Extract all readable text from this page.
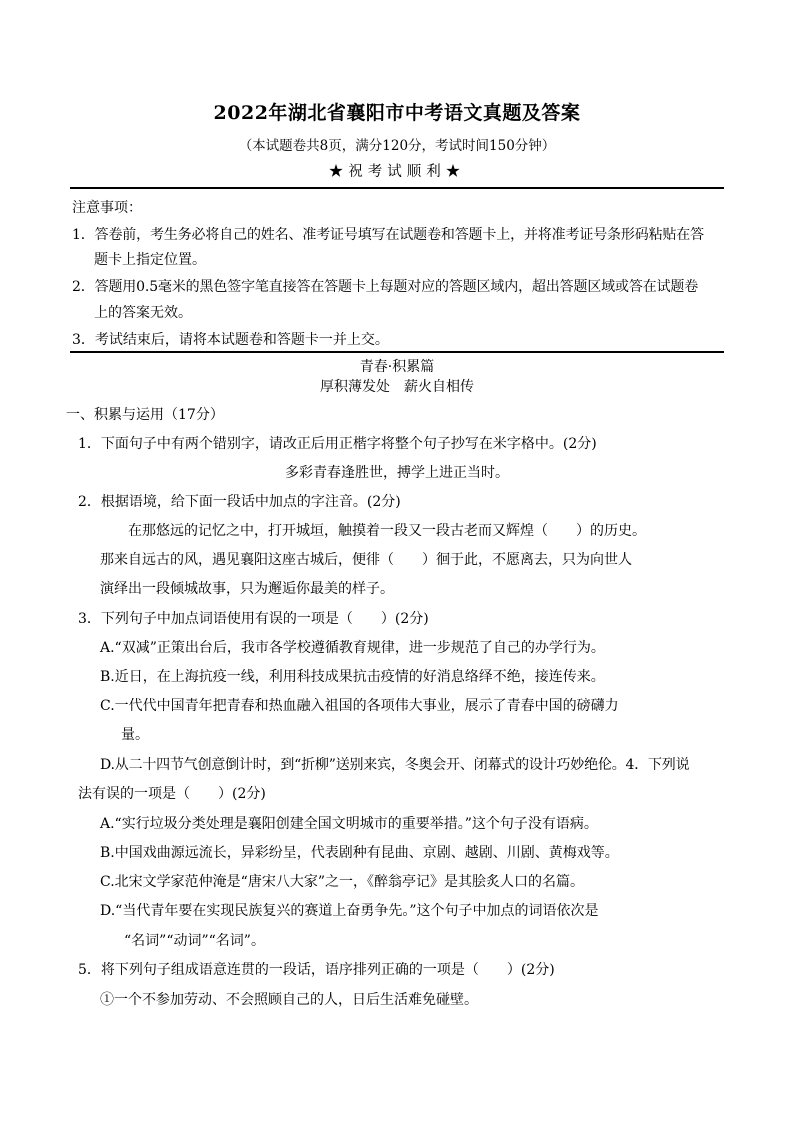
2022年湖北省襄阳市中考语文真题及答案
（本试题卷共8页，满分120分，考试时间150分钟）
★祝考试顺利★
注意事项：
1．答卷前，考生务必将自己的姓名、准考证号填写在试题卷和答题卡上，并将准考证号条形码粘贴在答
题卡上指定位置。
2．答题用0.5毫米的黑色签字笔直接答在答题卡上每题对应的答题区域内，超出答题区域或答在试题卷
上的答案无效。
3．考试结束后，请将本试题卷和答题卡一并上交。
青春·积累篇
厚积薄发处　薪火自相传
一、积累与运用（17分）
1．下面句子中有两个错别字，请改正后用正楷字将整个句子抄写在米字格中。(2分)
多彩青春逢胜世，搏学上进正当时。
2．根据语境，给下面一段话中加点的字注音。(2分)
在那悠远的记忆之中，打开城垣，触摸着一段又一段古老而又辉煌（　　）的历史。
那来自远古的风，遇见襄阳这座古城后，便徘（　　）徊于此，不愿离去，只为向世人
演绎出一段倾城故事，只为邂逅你最美的样子。
3．下列句子中加点词语使用有误的一项是（　　）(2分)
A.“双减”正策出台后，我市各学校遵循教育规律，进一步规范了自己的办学行为。
B.近日，在上海抗疫一线，利用科技成果抗击疫情的好消息络绎不绝，接连传来。
C.一代代中国青年把青春和热血融入祖国的各项伟大事业，展示了青春中国的磅礴力
量。
D.从二十四节气创意倒计时，到“折柳”送别来宾，冬奥会开、闭幕式的设计巧妙绝伦。4．下列说
法有误的一项是（　　）(2分)
A.“实行垃圾分类处理是襄阳创建全国文明城市的重要举措。”这个句子没有语病。
B.中国戏曲源远流长，异彩纷呈，代表剧种有昆曲、京剧、越剧、川剧、黄梅戏等。
C.北宋文学家范仲淹是“唐宋八大家”之一，《醉翁亭记》是其脍炙人口的名篇。
D.“当代青年要在实现民族复兴的赛道上奋勇争先。”这个句子中加点的词语依次是
“名词”“动词”“名词”。
5．将下列句子组成语意连贯的一段话，语序排列正确的一项是（　　）(2分)
①一个不参加劳动、不会照顾自己的人，日后生活难免碰壁。
